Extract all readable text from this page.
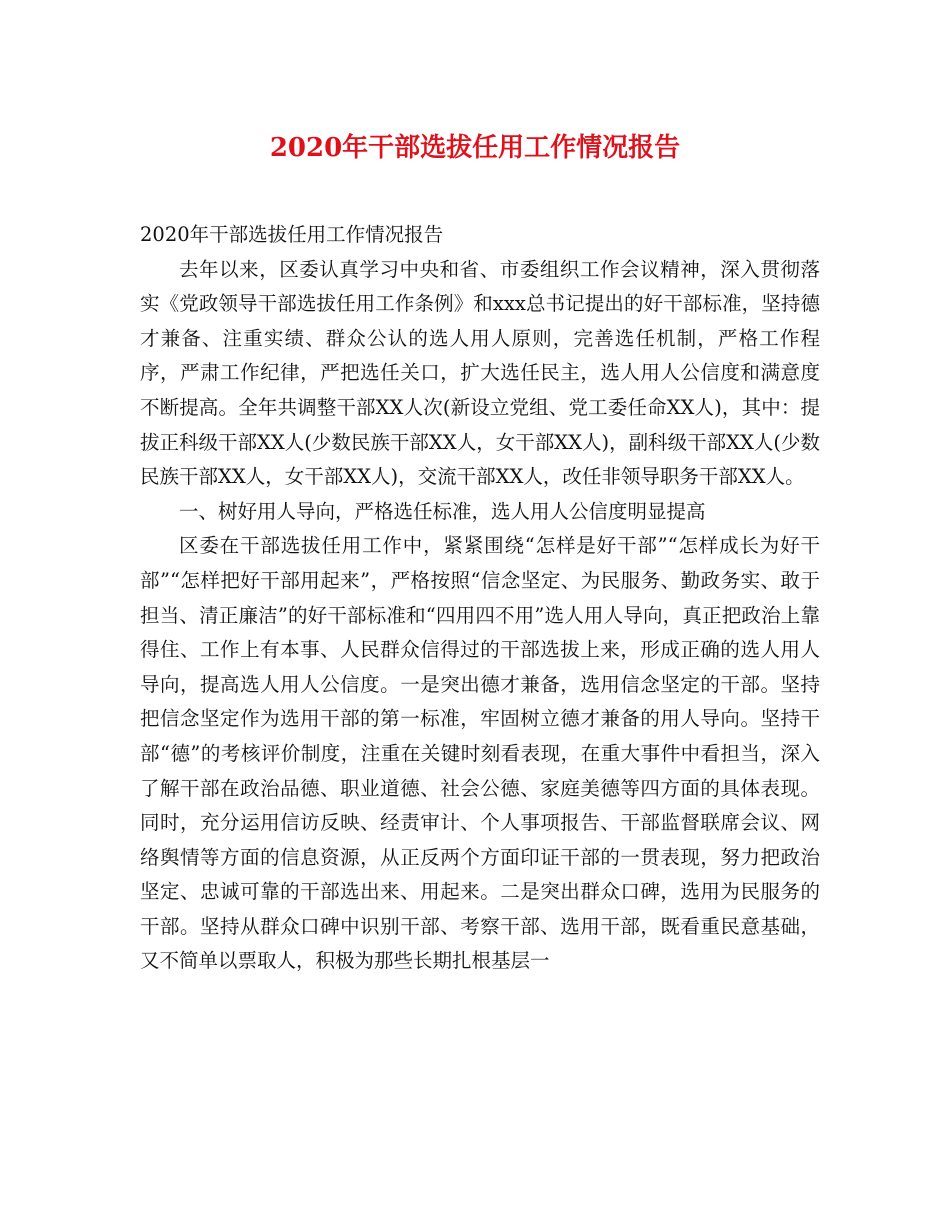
2020年干部选拔任用工作情况报告

2020年干部选拔任用工作情况报告

去年以来，区委认真学习中央和省、市委组织工作会议精神，深入贯彻落实《党政领导干部选拔任用工作条例》和xxx总书记提出的好干部标准，坚持德才兼备、注重实绩、群众公认的选人用人原则，完善选任机制，严格工作程序，严肃工作纪律，严把选任关口，扩大选任民主，选人用人公信度和满意度不断提高。全年共调整干部XX人次(新设立党组、党工委任命XX人)，其中：提拔正科级干部XX人(少数民族干部XX人，女干部XX人)，副科级干部XX人(少数民族干部XX人，女干部XX人)，交流干部XX人，改任非领导职务干部XX人。

一、树好用人导向，严格选任标准，选人用人公信度明显提高

区委在干部选拔任用工作中，紧紧围绕“怎样是好干部”“怎样成长为好干部”“怎样把好干部用起来”，严格按照“信念坚定、为民服务、勤政务实、敢于担当、清正廉洁”的好干部标准和“四用四不用”选人用人导向，真正把政治上靠得住、工作上有本事、人民群众信得过的干部选拔上来，形成正确的选人用人导向，提高选人用人公信度。一是突出德才兼备，选用信念坚定的干部。坚持把信念坚定作为选用干部的第一标准，牢固树立德才兼备的用人导向。坚持干部“德”的考核评价制度，注重在关键时刻看表现，在重大事件中看担当，深入了解干部在政治品德、职业道德、社会公德、家庭美德等四方面的具体表现。同时，充分运用信访反映、经责审计、个人事项报告、干部监督联席会议、网络舆情等方面的信息资源，从正反两个方面印证干部的一贯表现，努力把政治坚定、忠诚可靠的干部选出来、用起来。二是突出群众口碑，选用为民服务的干部。坚持从群众口碑中识别干部、考察干部、选用干部，既看重民意基础，又不简单以票取人，积极为那些长期扎根基层一
